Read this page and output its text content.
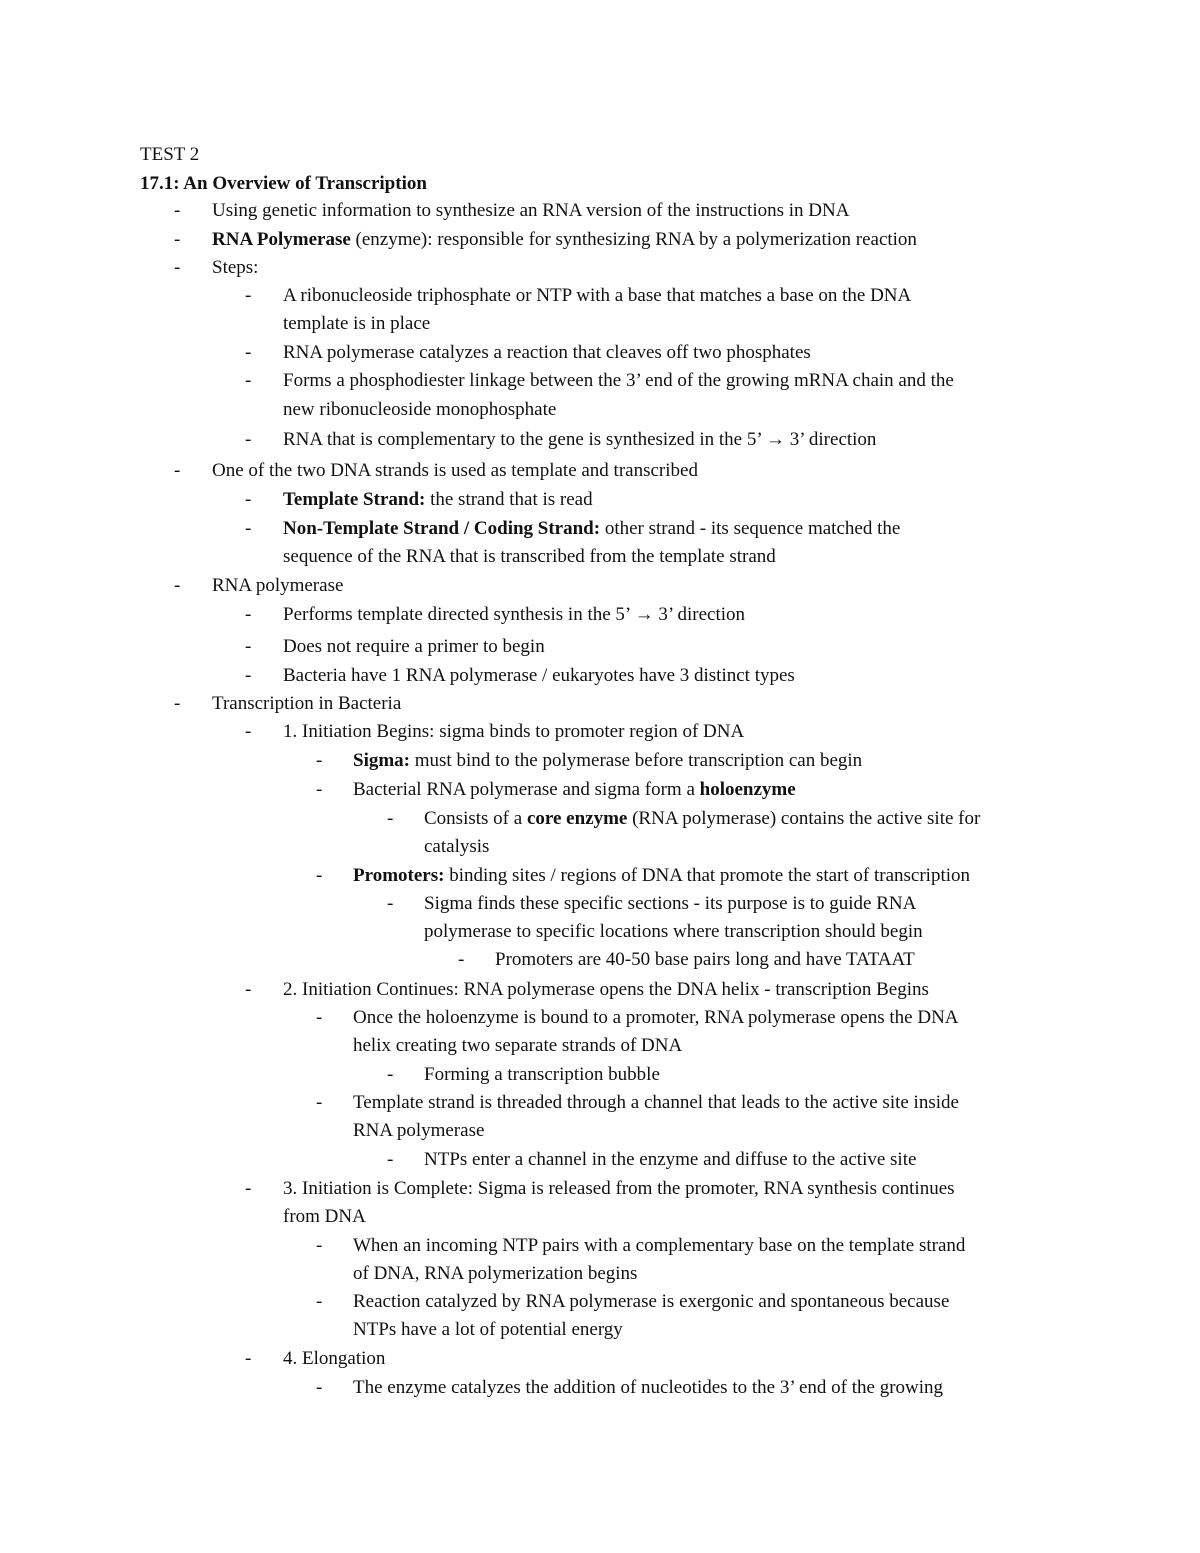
TEST 2
17.1: An Overview of Transcription
- Using genetic information to synthesize an RNA version of the instructions in DNA
- RNA Polymerase (enzyme): responsible for synthesizing RNA by a polymerization reaction
- Steps:
- A ribonucleoside triphosphate or NTP with a base that matches a base on the DNA
template is in place
- RNA polymerase catalyzes a reaction that cleaves off two phosphates
- Forms a phosphodiester linkage between the 3’ end of the growing mRNA chain and the
new ribonucleoside monophosphate
- RNA that is complementary to the gene is synthesized in the 5’ → 3’ direction
- One of the two DNA strands is used as template and transcribed
- Template Strand: the strand that is read
- Non-Template Strand / Coding Strand: other strand - its sequence matched the
sequence of the RNA that is transcribed from the template strand
- RNA polymerase
- Performs template directed synthesis in the 5’ → 3’ direction
- Does not require a primer to begin
- Bacteria have 1 RNA polymerase / eukaryotes have 3 distinct types
- Transcription in Bacteria
- 1. Initiation Begins: sigma binds to promoter region of DNA
- Sigma: must bind to the polymerase before transcription can begin
- Bacterial RNA polymerase and sigma form a holoenzyme
- Consists of a core enzyme (RNA polymerase) contains the active site for
catalysis
- Promoters: binding sites / regions of DNA that promote the start of transcription
- Sigma finds these specific sections - its purpose is to guide RNA
polymerase to specific locations where transcription should begin
- Promoters are 40-50 base pairs long and have TATAAT
- 2. Initiation Continues: RNA polymerase opens the DNA helix - transcription Begins
- Once the holoenzyme is bound to a promoter, RNA polymerase opens the DNA
helix creating two separate strands of DNA
- Forming a transcription bubble
- Template strand is threaded through a channel that leads to the active site inside
RNA polymerase
- NTPs enter a channel in the enzyme and diffuse to the active site
- 3. Initiation is Complete: Sigma is released from the promoter, RNA synthesis continues
from DNA
- When an incoming NTP pairs with a complementary base on the template strand
of DNA, RNA polymerization begins
- Reaction catalyzed by RNA polymerase is exergonic and spontaneous because
NTPs have a lot of potential energy
- 4. Elongation
- The enzyme catalyzes the addition of nucleotides to the 3’ end of the growing
